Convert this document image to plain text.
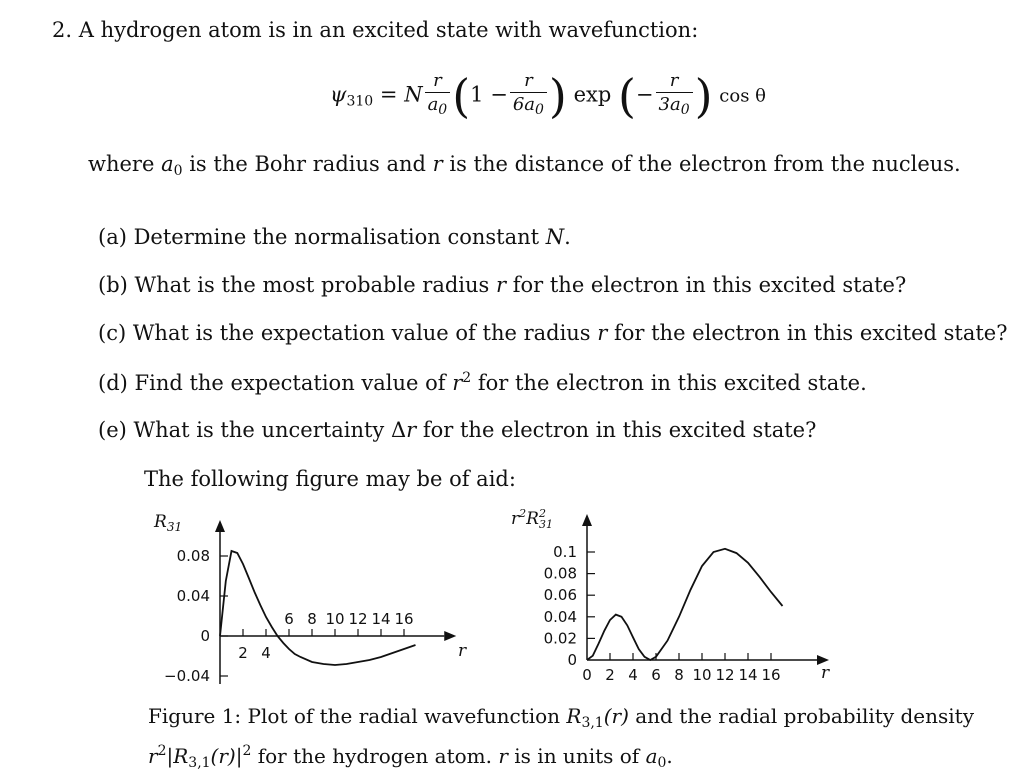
2. A hydrogen atom is in an excited state with wavefunction:
$\psi_{310} = N \frac{r}{a_0} (1 - \frac{r}{6a_0}$ ) exp (− $\frac{r}{3a_0}$ ) cos θ
where $a_0$ is the Bohr radius and r is the distance of the electron from the nucleus.
(a) Determine the normalisation constant N.
(b) What is the most probable radius r for the electron in this excited state?
(c) What is the expectation value of the radius r for the electron in this excited state?
(d) Find the expectation value of $r^2$ for the electron in this excited state.
(e) What is the uncertainty Δr for the electron in this excited state?
The following figure may be of aid:
$R_{31}$
r
0.08
0.04
0
−0.04
2 4
6 8 10 12 14 16
$r^2R^2$ 31
r
0.1
0.08
0.06
0.04
0.02
0
0 2 4 6 8 10 12 14 16
Figure 1: Plot of the radial wavefunction $R_{3,1}(r)$ and the radial probability density
$r^2|R_{3,1}(r)|^2$ for the hydrogen atom. r is in units of $a_0$.
